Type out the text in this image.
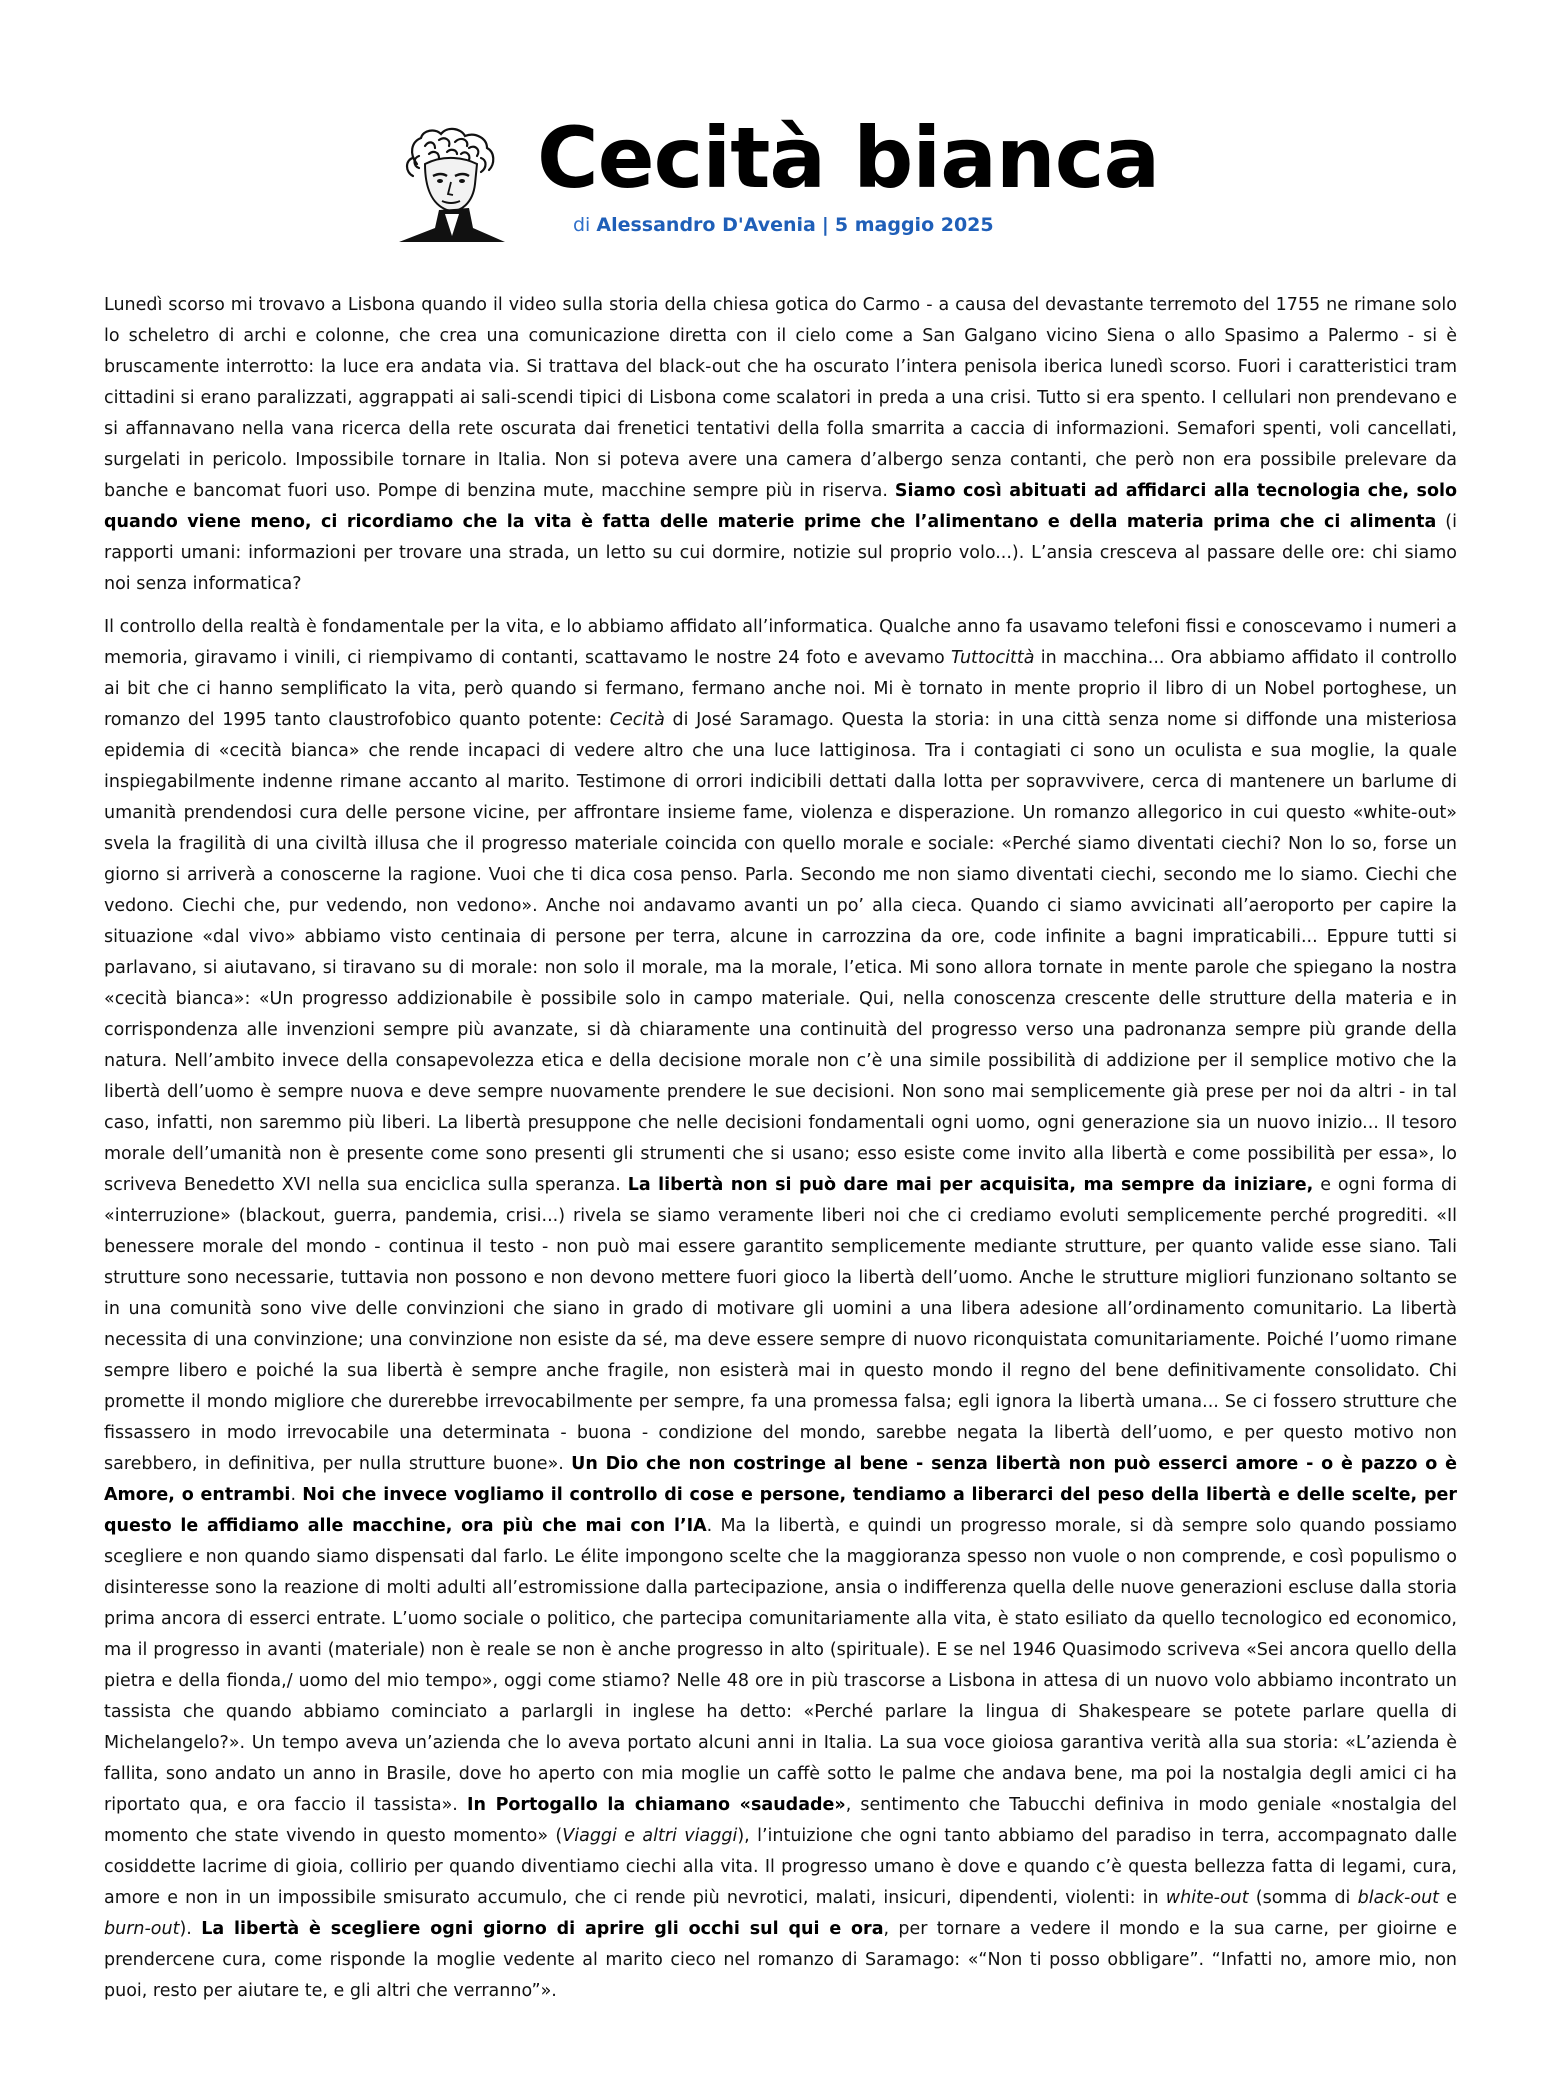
Cecità bianca
di Alessandro D'Avenia | 5 maggio 2025

Lunedì scorso mi trovavo a Lisbona quando il video sulla storia della chiesa gotica do Carmo - a causa del devastante terremoto del 1755 ne rimane solo lo scheletro di archi e colonne, che crea una comunicazione diretta con il cielo come a San Galgano vicino Siena o allo Spasimo a Palermo - si è bruscamente interrotto: la luce era andata via. Si trattava del black-out che ha oscurato l’intera penisola iberica lunedì scorso. Fuori i caratteristici tram cittadini si erano paralizzati, aggrappati ai sali-scendi tipici di Lisbona come scalatori in preda a una crisi. Tutto si era spento. I cellulari non prendevano e si affannavano nella vana ricerca della rete oscurata dai frenetici tentativi della folla smarrita a caccia di informazioni. Semafori spenti, voli cancellati, surgelati in pericolo. Impossibile tornare in Italia. Non si poteva avere una camera d’albergo senza contanti, che però non era possibile prelevare da banche e bancomat fuori uso. Pompe di benzina mute, macchine sempre più in riserva. Siamo così abituati ad affidarci alla tecnologia che, solo quando viene meno, ci ricordiamo che la vita è fatta delle materie prime che l’alimentano e della materia prima che ci alimenta (i rapporti umani: informazioni per trovare una strada, un letto su cui dormire, notizie sul proprio volo...). L’ansia cresceva al passare delle ore: chi siamo noi senza informatica?

Il controllo della realtà è fondamentale per la vita, e lo abbiamo affidato all’informatica. Qualche anno fa usavamo telefoni fissi e conoscevamo i numeri a memoria, giravamo i vinili, ci riempivamo di contanti, scattavamo le nostre 24 foto e avevamo Tuttocittà in macchina... Ora abbiamo affidato il controllo ai bit che ci hanno semplificato la vita, però quando si fermano, fermano anche noi. Mi è tornato in mente proprio il libro di un Nobel portoghese, un romanzo del 1995 tanto claustrofobico quanto potente: Cecità di José Saramago. Questa la storia: in una città senza nome si diffonde una misteriosa epidemia di «cecità bianca» che rende incapaci di vedere altro che una luce lattiginosa. Tra i contagiati ci sono un oculista e sua moglie, la quale inspiegabilmente indenne rimane accanto al marito. Testimone di orrori indicibili dettati dalla lotta per sopravvivere, cerca di mantenere un barlume di umanità prendendosi cura delle persone vicine, per affrontare insieme fame, violenza e disperazione. Un romanzo allegorico in cui questo «white-out» svela la fragilità di una civiltà illusa che il progresso materiale coincida con quello morale e sociale: «Perché siamo diventati ciechi? Non lo so, forse un giorno si arriverà a conoscerne la ragione. Vuoi che ti dica cosa penso. Parla. Secondo me non siamo diventati ciechi, secondo me lo siamo. Ciechi che vedono. Ciechi che, pur vedendo, non vedono». Anche noi andavamo avanti un po’ alla cieca. Quando ci siamo avvicinati all’aeroporto per capire la situazione «dal vivo» abbiamo visto centinaia di persone per terra, alcune in carrozzina da ore, code infinite a bagni impraticabili... Eppure tutti si parlavano, si aiutavano, si tiravano su di morale: non solo il morale, ma la morale, l’etica. Mi sono allora tornate in mente parole che spiegano la nostra «cecità bianca»: «Un progresso addizionabile è possibile solo in campo materiale. Qui, nella conoscenza crescente delle strutture della materia e in corrispondenza alle invenzioni sempre più avanzate, si dà chiaramente una continuità del progresso verso una padronanza sempre più grande della natura. Nell’ambito invece della consapevolezza etica e della decisione morale non c’è una simile possibilità di addizione per il semplice motivo che la libertà dell’uomo è sempre nuova e deve sempre nuovamente prendere le sue decisioni. Non sono mai semplicemente già prese per noi da altri - in tal caso, infatti, non saremmo più liberi. La libertà presuppone che nelle decisioni fondamentali ogni uomo, ogni generazione sia un nuovo inizio... Il tesoro morale dell’umanità non è presente come sono presenti gli strumenti che si usano; esso esiste come invito alla libertà e come possibilità per essa», lo scriveva Benedetto XVI nella sua enciclica sulla speranza. La libertà non si può dare mai per acquisita, ma sempre da iniziare, e ogni forma di «interruzione» (blackout, guerra, pandemia, crisi...) rivela se siamo veramente liberi noi che ci crediamo evoluti semplicemente perché progrediti. «Il benessere morale del mondo - continua il testo - non può mai essere garantito semplicemente mediante strutture, per quanto valide esse siano. Tali strutture sono necessarie, tuttavia non possono e non devono mettere fuori gioco la libertà dell’uomo. Anche le strutture migliori funzionano soltanto se in una comunità sono vive delle convinzioni che siano in grado di motivare gli uomini a una libera adesione all’ordinamento comunitario. La libertà necessita di una convinzione; una convinzione non esiste da sé, ma deve essere sempre di nuovo riconquistata comunitariamente. Poiché l’uomo rimane sempre libero e poiché la sua libertà è sempre anche fragile, non esisterà mai in questo mondo il regno del bene definitivamente consolidato. Chi promette il mondo migliore che durerebbe irrevocabilmente per sempre, fa una promessa falsa; egli ignora la libertà umana... Se ci fossero strutture che fissassero in modo irrevocabile una determinata - buona - condizione del mondo, sarebbe negata la libertà dell’uomo, e per questo motivo non sarebbero, in definitiva, per nulla strutture buone». Un Dio che non costringe al bene - senza libertà non può esserci amore - o è pazzo o è Amore, o entrambi. Noi che invece vogliamo il controllo di cose e persone, tendiamo a liberarci del peso della libertà e delle scelte, per questo le affidiamo alle macchine, ora più che mai con l’IA. Ma la libertà, e quindi un progresso morale, si dà sempre solo quando possiamo scegliere e non quando siamo dispensati dal farlo. Le élite impongono scelte che la maggioranza spesso non vuole o non comprende, e così populismo o disinteresse sono la reazione di molti adulti all’estromissione dalla partecipazione, ansia o indifferenza quella delle nuove generazioni escluse dalla storia prima ancora di esserci entrate. L’uomo sociale o politico, che partecipa comunitariamente alla vita, è stato esiliato da quello tecnologico ed economico, ma il progresso in avanti (materiale) non è reale se non è anche progresso in alto (spirituale). E se nel 1946 Quasimodo scriveva «Sei ancora quello della pietra e della fionda,/ uomo del mio tempo», oggi come stiamo? Nelle 48 ore in più trascorse a Lisbona in attesa di un nuovo volo abbiamo incontrato un tassista che quando abbiamo cominciato a parlargli in inglese ha detto: «Perché parlare la lingua di Shakespeare se potete parlare quella di Michelangelo?». Un tempo aveva un’azienda che lo aveva portato alcuni anni in Italia. La sua voce gioiosa garantiva verità alla sua storia: «L’azienda è fallita, sono andato un anno in Brasile, dove ho aperto con mia moglie un caffè sotto le palme che andava bene, ma poi la nostalgia degli amici ci ha riportato qua, e ora faccio il tassista». In Portogallo la chiamano «saudade», sentimento che Tabucchi definiva in modo geniale «nostalgia del momento che state vivendo in questo momento» (Viaggi e altri viaggi), l’intuizione che ogni tanto abbiamo del paradiso in terra, accompagnato dalle cosiddette lacrime di gioia, collirio per quando diventiamo ciechi alla vita. Il progresso umano è dove e quando c’è questa bellezza fatta di legami, cura, amore e non in un impossibile smisurato accumulo, che ci rende più nevrotici, malati, insicuri, dipendenti, violenti: in white-out (somma di black-out e burn-out). La libertà è scegliere ogni giorno di aprire gli occhi sul qui e ora, per tornare a vedere il mondo e la sua carne, per gioirne e prendercene cura, come risponde la moglie vedente al marito cieco nel romanzo di Saramago: «“Non ti posso obbligare”. “Infatti no, amore mio, non puoi, resto per aiutare te, e gli altri che verranno”».
